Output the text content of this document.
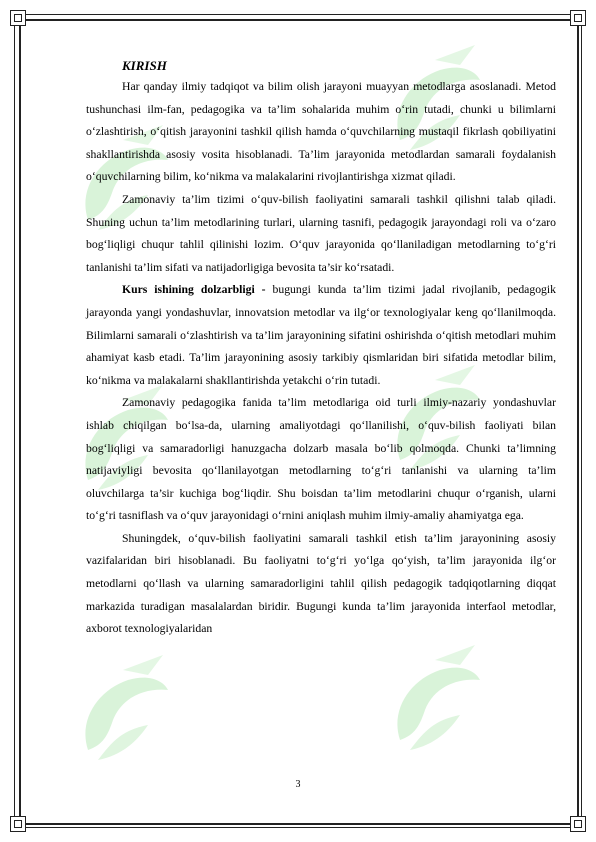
KIRISH

Har qanday ilmiy tadqiqot va bilim olish jarayoni muayyan metodlarga asoslanadi. Metod tushunchasi ilm-fan, pedagogika va ta’lim sohalarida muhim o‘rin tutadi, chunki u bilimlarni o‘zlashtirish, o‘qitish jarayonini tashkil qilish hamda o‘quvchilarning mustaqil fikrlash qobiliyatini shakllantirishda asosiy vosita hisoblanadi. Ta’lim jarayonida metodlardan samarali foydalanish o‘quvchilarning bilim, ko‘nikma va malakalarini rivojlantirishga xizmat qiladi.

Zamonaviy ta’lim tizimi o‘quv-bilish faoliyatini samarali tashkil qilishni talab qiladi. Shuning uchun ta’lim metodlarining turlari, ularning tasnifi, pedagogik jarayondagi roli va o‘zaro bog‘liqligi chuqur tahlil qilinishi lozim. O‘quv jarayonida qo‘llaniladigan metodlarning to‘g‘ri tanlanishi ta’lim sifati va natijadorligiga bevosita ta’sir ko‘rsatadi.

Kurs ishining dolzarbligi - bugungi kunda ta’lim tizimi jadal rivojlanib, pedagogik jarayonda yangi yondashuvlar, innovatsion metodlar va ilg‘or texnologiyalar keng qo‘llanilmoqda. Bilimlarni samarali o‘zlashtirish va ta’lim jarayonining sifatini oshirishda o‘qitish metodlari muhim ahamiyat kasb etadi. Ta’lim jarayonining asosiy tarkibiy qismlaridan biri sifatida metodlar bilim, ko‘nikma va malakalarni shakllantirishda yetakchi o‘rin tutadi.

Zamonaviy pedagogika fanida ta’lim metodlariga oid turli ilmiy-nazariy yondashuvlar ishlab chiqilgan bo‘lsa-da, ularning amaliyotdagi qo‘llanilishi, o‘quv-bilish faoliyati bilan bog‘liqligi va samaradorligi hanuzgacha dolzarb masala bo‘lib qolmoqda. Chunki ta’limning natijaviyligi bevosita qo‘llanilayotgan metodlarning to‘g‘ri tanlanishi va ularning ta’lim oluvchilarga ta’sir kuchiga bog‘liqdir. Shu boisdan ta’lim metodlarini chuqur o‘rganish, ularni to‘g‘ri tasniflash va o‘quv jarayonidagi o‘rnini aniqlash muhim ilmiy-amaliy ahamiyatga ega.

Shuningdek, o‘quv-bilish faoliyatini samarali tashkil etish ta’lim jarayonining asosiy vazifalaridan biri hisoblanadi. Bu faoliyatni to‘g‘ri yo‘lga qo‘yish, ta’lim jarayonida ilg‘or metodlarni qo‘llash va ularning samaradorligini tahlil qilish pedagogik tadqiqotlarning diqqat markazida turadigan masalalardan biridir. Bugungi kunda ta’lim jarayonida interfaol metodlar, axborot texnologiyalaridan

3
